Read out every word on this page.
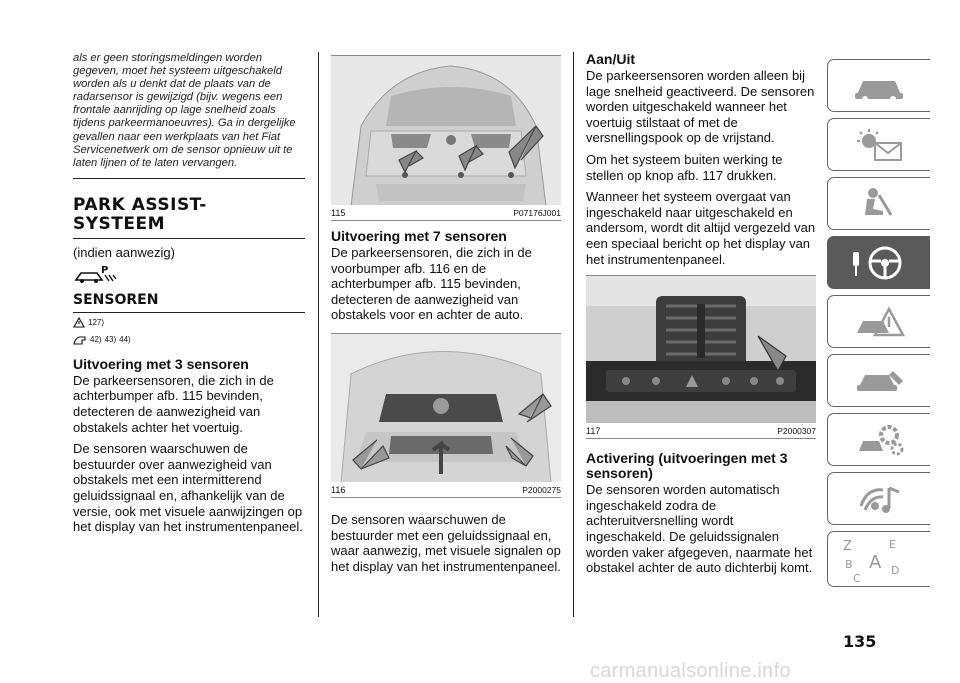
als er geen storingsmeldingen worden gegeven, moet het systeem uitgeschakeld worden als u denkt dat de plaats van de radarsensor is gewijzigd (bijv. wegens een frontale aanrijding op lage snelheid zoals tijdens parkeermanoeuvres). Ga in dergelijke gevallen naar een werkplaats van het Fiat Servicenetwerk om de sensor opnieuw uit te laten lijnen of te laten vervangen.
PARK ASSIST-
SYSTEEM
(indien aanwezig)
P
SENSOREN
127)
42) 43) 44)
Uitvoering met 3 sensoren

De parkeersensoren, die zich in de achterbumper afb. 115 bevinden, detecteren de aanwezigheid van obstakels achter het voertuig.

De sensoren waarschuwen de bestuurder over aanwezigheid van obstakels met een intermitterend geluidssignaal en, afhankelijk van de versie, ook met visuele aanwijzingen op het display van het instrumentenpaneel.

115	P07176J001
Uitvoering met 7 sensoren

De parkeersensoren, die zich in de voorbumper afb. 116 en de achterbumper afb. 115 bevinden, detecteren de aanwezigheid van obstakels voor en achter de auto.

116	P2000275

De sensoren waarschuwen de bestuurder met een geluidssignaal en, waar aanwezig, met visuele signalen op het display van het instrumentenpaneel.

Aan/Uit

De parkeersensoren worden alleen bij lage snelheid geactiveerd. De sensoren worden uitgeschakeld wanneer het voertuig stilstaat of met de versnellingspook op de vrijstand.

Om het systeem buiten werking te stellen op knop afb. 117 drukken.

Wanneer het systeem overgaat van ingeschakeld naar uitgeschakeld en andersom, wordt dit altijd vergezeld van een speciaal bericht op het display van het instrumentenpaneel.

117	P2000307
Activering (uitvoeringen met 3 sensoren)

De sensoren worden automatisch ingeschakeld zodra de achteruitversnelling wordt ingeschakeld. De geluidssignalen worden vaker afgegeven, naarmate het obstakel achter de auto dichterbij komt.

Z	E
B A
C
D
135
carmanualsonline.info
